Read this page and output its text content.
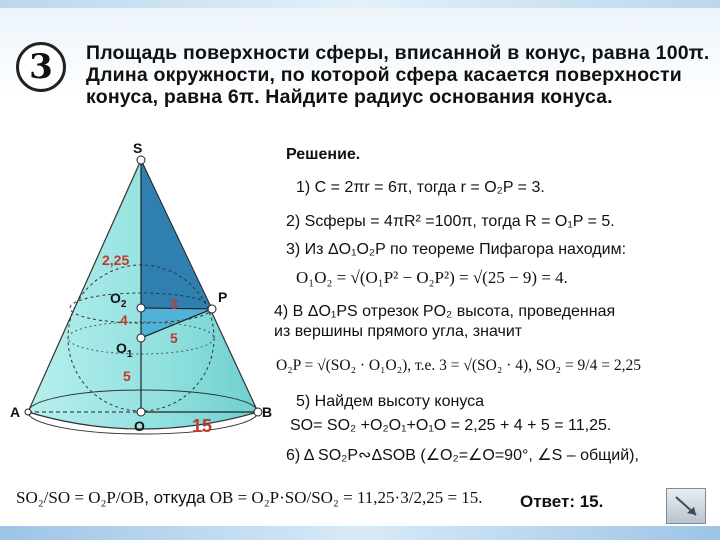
3 Площадь поверхности сферы, вписанной в конус, равна 100π. Длина окружности, по которой сфера касается поверхности конуса, равна 6π. Найдите радиус основания конуса.
S
A	B
O
P
$O_2$
$O_1$
2,25
4
3
5
5
15
Решение.
1) C = 2πr = 6π, тогда r = O₂P = 3.
2) Sсферы = 4πR² =100π, тогда R = O₁P = 5.
3) Из ΔO₁O₂P по теореме Пифагора находим:
O₁O₂ = √(O₁P² − O₂P²) = √(25 − 9) = 4.
4) В ΔO₁PS отрезок PO₂ высота, проведенная
из вершины прямого угла, значит
O₂P = √(SO₂ · O₁O₂), т.е. 3 = √(SO₂ · 4), SO₂ = 9/4 = 2,25
5) Найдем высоту конуса
SO= SO₂ +O₂O₁+O₁O = 2,25 + 4 + 5 = 11,25.
6) Δ SO₂P∾ΔSOB (∠O₂=∠O=90°, ∠S – общий),
SO₂/SO = O₂P/OB, откуда OB = O₂P·SO/SO₂ = 11,25·3/2,25 = 15. Ответ: 15.
